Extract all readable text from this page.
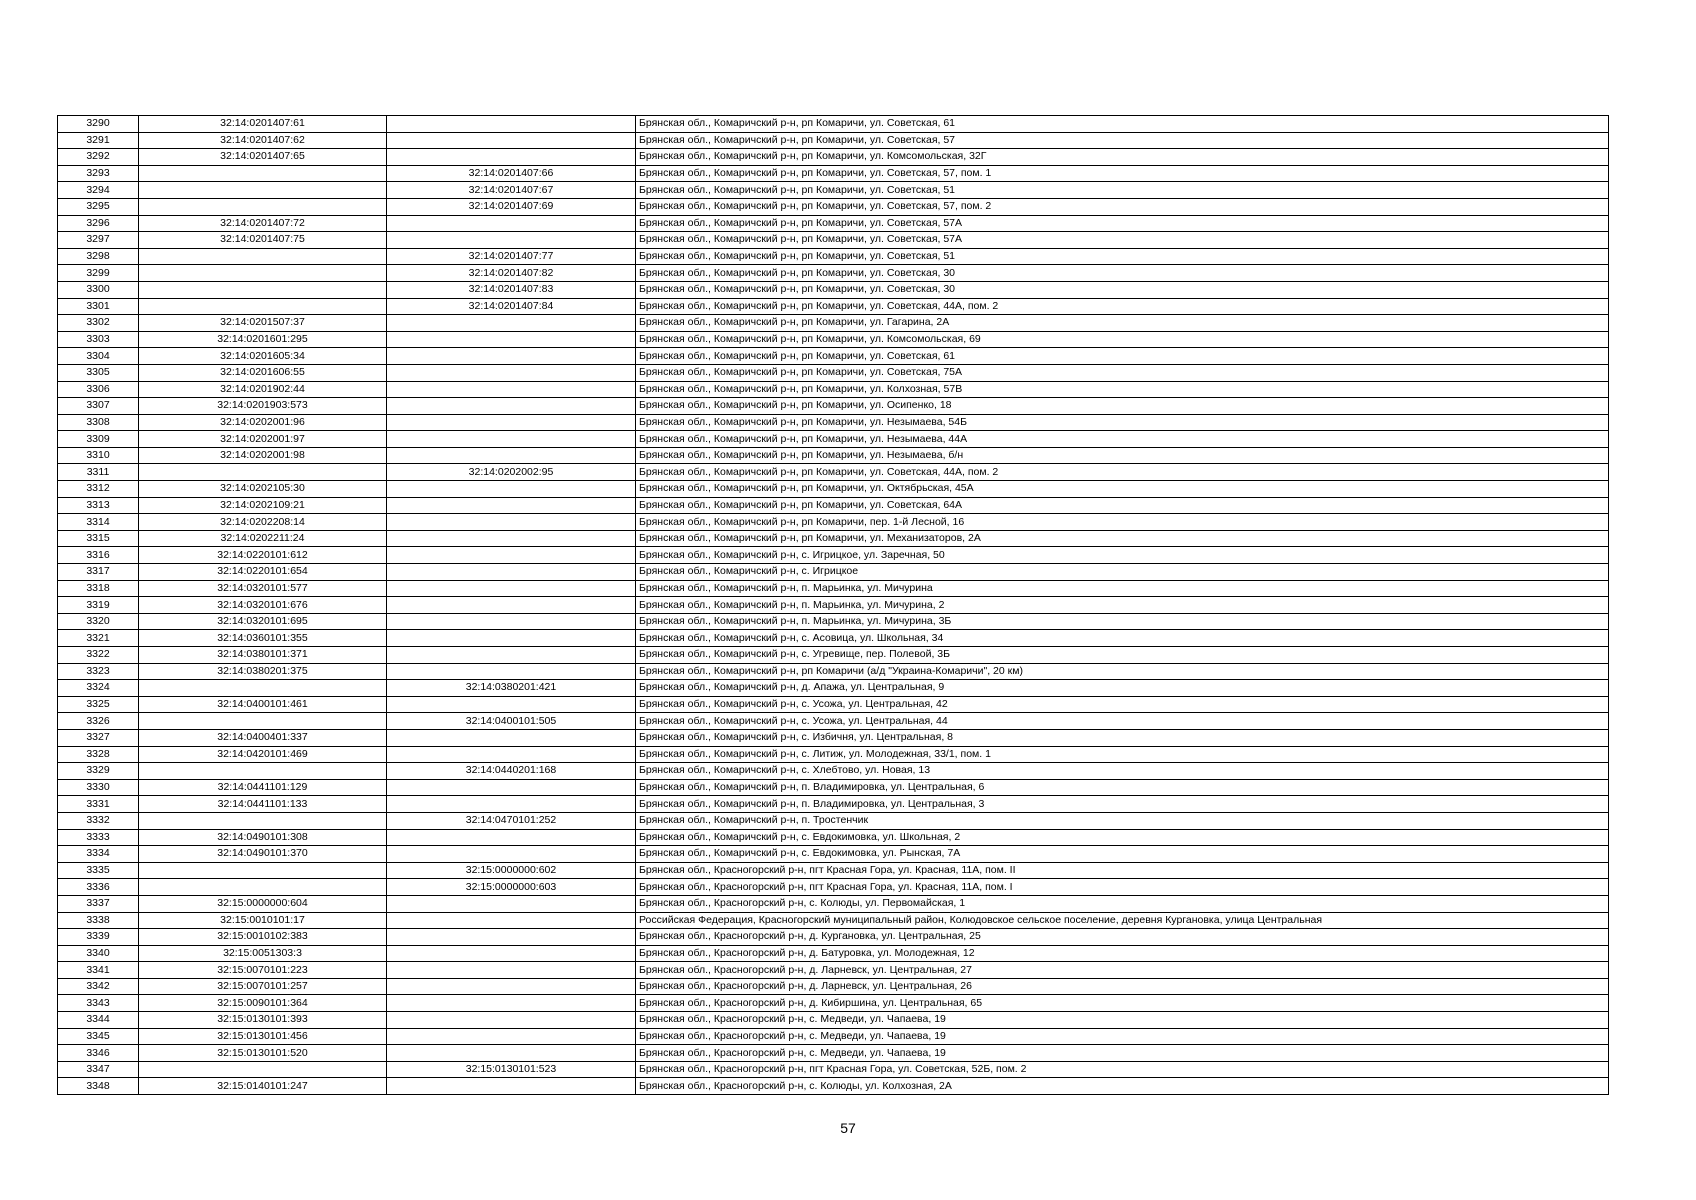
3290	32:14:0201407:61		Брянская обл., Комаричский р-н, рп Комаричи, ул. Советская, 61
3291	32:14:0201407:62		Брянская обл., Комаричский р-н, рп Комаричи, ул. Советская, 57
3292	32:14:0201407:65		Брянская обл., Комаричский р-н, рп Комаричи, ул. Комсомольская, 32Г
3293		32:14:0201407:66	Брянская обл., Комаричский р-н, рп Комаричи, ул. Советская, 57, пом. 1
3294		32:14:0201407:67	Брянская обл., Комаричский р-н, рп Комаричи, ул. Советская, 51
3295		32:14:0201407:69	Брянская обл., Комаричский р-н, рп Комаричи, ул. Советская, 57, пом. 2
3296	32:14:0201407:72		Брянская обл., Комаричский р-н, рп Комаричи, ул. Советская, 57А
3297	32:14:0201407:75		Брянская обл., Комаричский р-н, рп Комаричи, ул. Советская, 57А
3298		32:14:0201407:77	Брянская обл., Комаричский р-н, рп Комаричи, ул. Советская, 51
3299		32:14:0201407:82	Брянская обл., Комаричский р-н, рп Комаричи, ул. Советская, 30
3300		32:14:0201407:83	Брянская обл., Комаричский р-н, рп Комаричи, ул. Советская, 30
3301		32:14:0201407:84	Брянская обл., Комаричский р-н, рп Комаричи, ул. Советская, 44А, пом. 2
3302	32:14:0201507:37		Брянская обл., Комаричский р-н, рп Комаричи, ул. Гагарина, 2А
3303	32:14:0201601:295		Брянская обл., Комаричский р-н, рп Комаричи, ул. Комсомольская, 69
3304	32:14:0201605:34		Брянская обл., Комаричский р-н, рп Комаричи, ул. Советская, 61
3305	32:14:0201606:55		Брянская обл., Комаричский р-н, рп Комаричи, ул. Советская, 75А
3306	32:14:0201902:44		Брянская обл., Комаричский р-н, рп Комаричи, ул. Колхозная, 57В
3307	32:14:0201903:573		Брянская обл., Комаричский р-н, рп Комаричи, ул. Осипенко, 18
3308	32:14:0202001:96		Брянская обл., Комаричский р-н, рп Комаричи, ул. Незымаева, 54Б
3309	32:14:0202001:97		Брянская обл., Комаричский р-н, рп Комаричи, ул. Незымаева, 44А
3310	32:14:0202001:98		Брянская обл., Комаричский р-н, рп Комаричи, ул. Незымаева, б/н
3311		32:14:0202002:95	Брянская обл., Комаричский р-н, рп Комаричи, ул. Советская, 44А, пом. 2
3312	32:14:0202105:30		Брянская обл., Комаричский р-н, рп Комаричи, ул. Октябрьская, 45А
3313	32:14:0202109:21		Брянская обл., Комаричский р-н, рп Комаричи, ул. Советская, 64А
3314	32:14:0202208:14		Брянская обл., Комаричский р-н, рп Комаричи, пер. 1-й Лесной, 16
3315	32:14:0202211:24		Брянская обл., Комаричский р-н, рп Комаричи, ул. Механизаторов, 2А
3316	32:14:0220101:612		Брянская обл., Комаричский р-н, с. Игрицкое, ул. Заречная, 50
3317	32:14:0220101:654		Брянская обл., Комаричский р-н, с. Игрицкое
3318	32:14:0320101:577		Брянская обл., Комаричский р-н, п. Марьинка, ул. Мичурина
3319	32:14:0320101:676		Брянская обл., Комаричский р-н, п. Марьинка, ул. Мичурина, 2
3320	32:14:0320101:695		Брянская обл., Комаричский р-н, п. Марьинка, ул. Мичурина, 3Б
3321	32:14:0360101:355		Брянская обл., Комаричский р-н, с. Асовица, ул. Школьная, 34
3322	32:14:0380101:371		Брянская обл., Комаричский р-н, с. Угревище, пер. Полевой, 3Б
3323	32:14:0380201:375		Брянская обл., Комаричский р-н, рп Комаричи (а/д "Украина-Комаричи", 20 км)
3324		32:14:0380201:421	Брянская обл., Комаричский р-н, д. Апажа, ул. Центральная, 9
3325	32:14:0400101:461		Брянская обл., Комаричский р-н, с. Усожа, ул. Центральная, 42
3326		32:14:0400101:505	Брянская обл., Комаричский р-н, с. Усожа, ул. Центральная, 44
3327	32:14:0400401:337		Брянская обл., Комаричский р-н, с. Избичня, ул. Центральная, 8
3328	32:14:0420101:469		Брянская обл., Комаричский р-н, с. Литиж, ул. Молодежная, 33/1, пом. 1
3329		32:14:0440201:168	Брянская обл., Комаричский р-н, с. Хлебтово, ул. Новая, 13
3330	32:14:0441101:129		Брянская обл., Комаричский р-н, п. Владимировка, ул. Центральная, 6
3331	32:14:0441101:133		Брянская обл., Комаричский р-н, п. Владимировка, ул. Центральная, 3
3332		32:14:0470101:252	Брянская обл., Комаричский р-н, п. Тростенчик
3333	32:14:0490101:308		Брянская обл., Комаричский р-н, с. Евдокимовка, ул. Школьная, 2
3334	32:14:0490101:370		Брянская обл., Комаричский р-н, с. Евдокимовка, ул. Рынская, 7А
3335		32:15:0000000:602	Брянская обл., Красногорский р-н, пгт Красная Гора, ул. Красная, 11А, пом. II
3336		32:15:0000000:603	Брянская обл., Красногорский р-н, пгт Красная Гора, ул. Красная, 11А, пом. I
3337	32:15:0000000:604		Брянская обл., Красногорский р-н, с. Колюды, ул. Первомайская, 1
3338	32:15:0010101:17		Российская Федерация, Красногорский муниципальный район, Колюдовское сельское поселение, деревня Кургановка, улица Центральная
3339	32:15:0010102:383		Брянская обл., Красногорский р-н, д. Кургановка, ул. Центральная, 25
3340	32:15:0051303:3		Брянская обл., Красногорский р-н, д. Батуровка, ул. Молодежная, 12
3341	32:15:0070101:223		Брянская обл., Красногорский р-н, д. Ларневск, ул. Центральная, 27
3342	32:15:0070101:257		Брянская обл., Красногорский р-н, д. Ларневск, ул. Центральная, 26
3343	32:15:0090101:364		Брянская обл., Красногорский р-н, д. Кибиршина, ул. Центральная, 65
3344	32:15:0130101:393		Брянская обл., Красногорский р-н, с. Медведи, ул. Чапаева, 19
3345	32:15:0130101:456		Брянская обл., Красногорский р-н, с. Медведи, ул. Чапаева, 19
3346	32:15:0130101:520		Брянская обл., Красногорский р-н, с. Медведи, ул. Чапаева, 19
3347		32:15:0130101:523	Брянская обл., Красногорский р-н, пгт Красная Гора, ул. Советская, 52Б, пом. 2
3348	32:15:0140101:247		Брянская обл., Красногорский р-н, с. Колюды, ул. Колхозная, 2А
57
